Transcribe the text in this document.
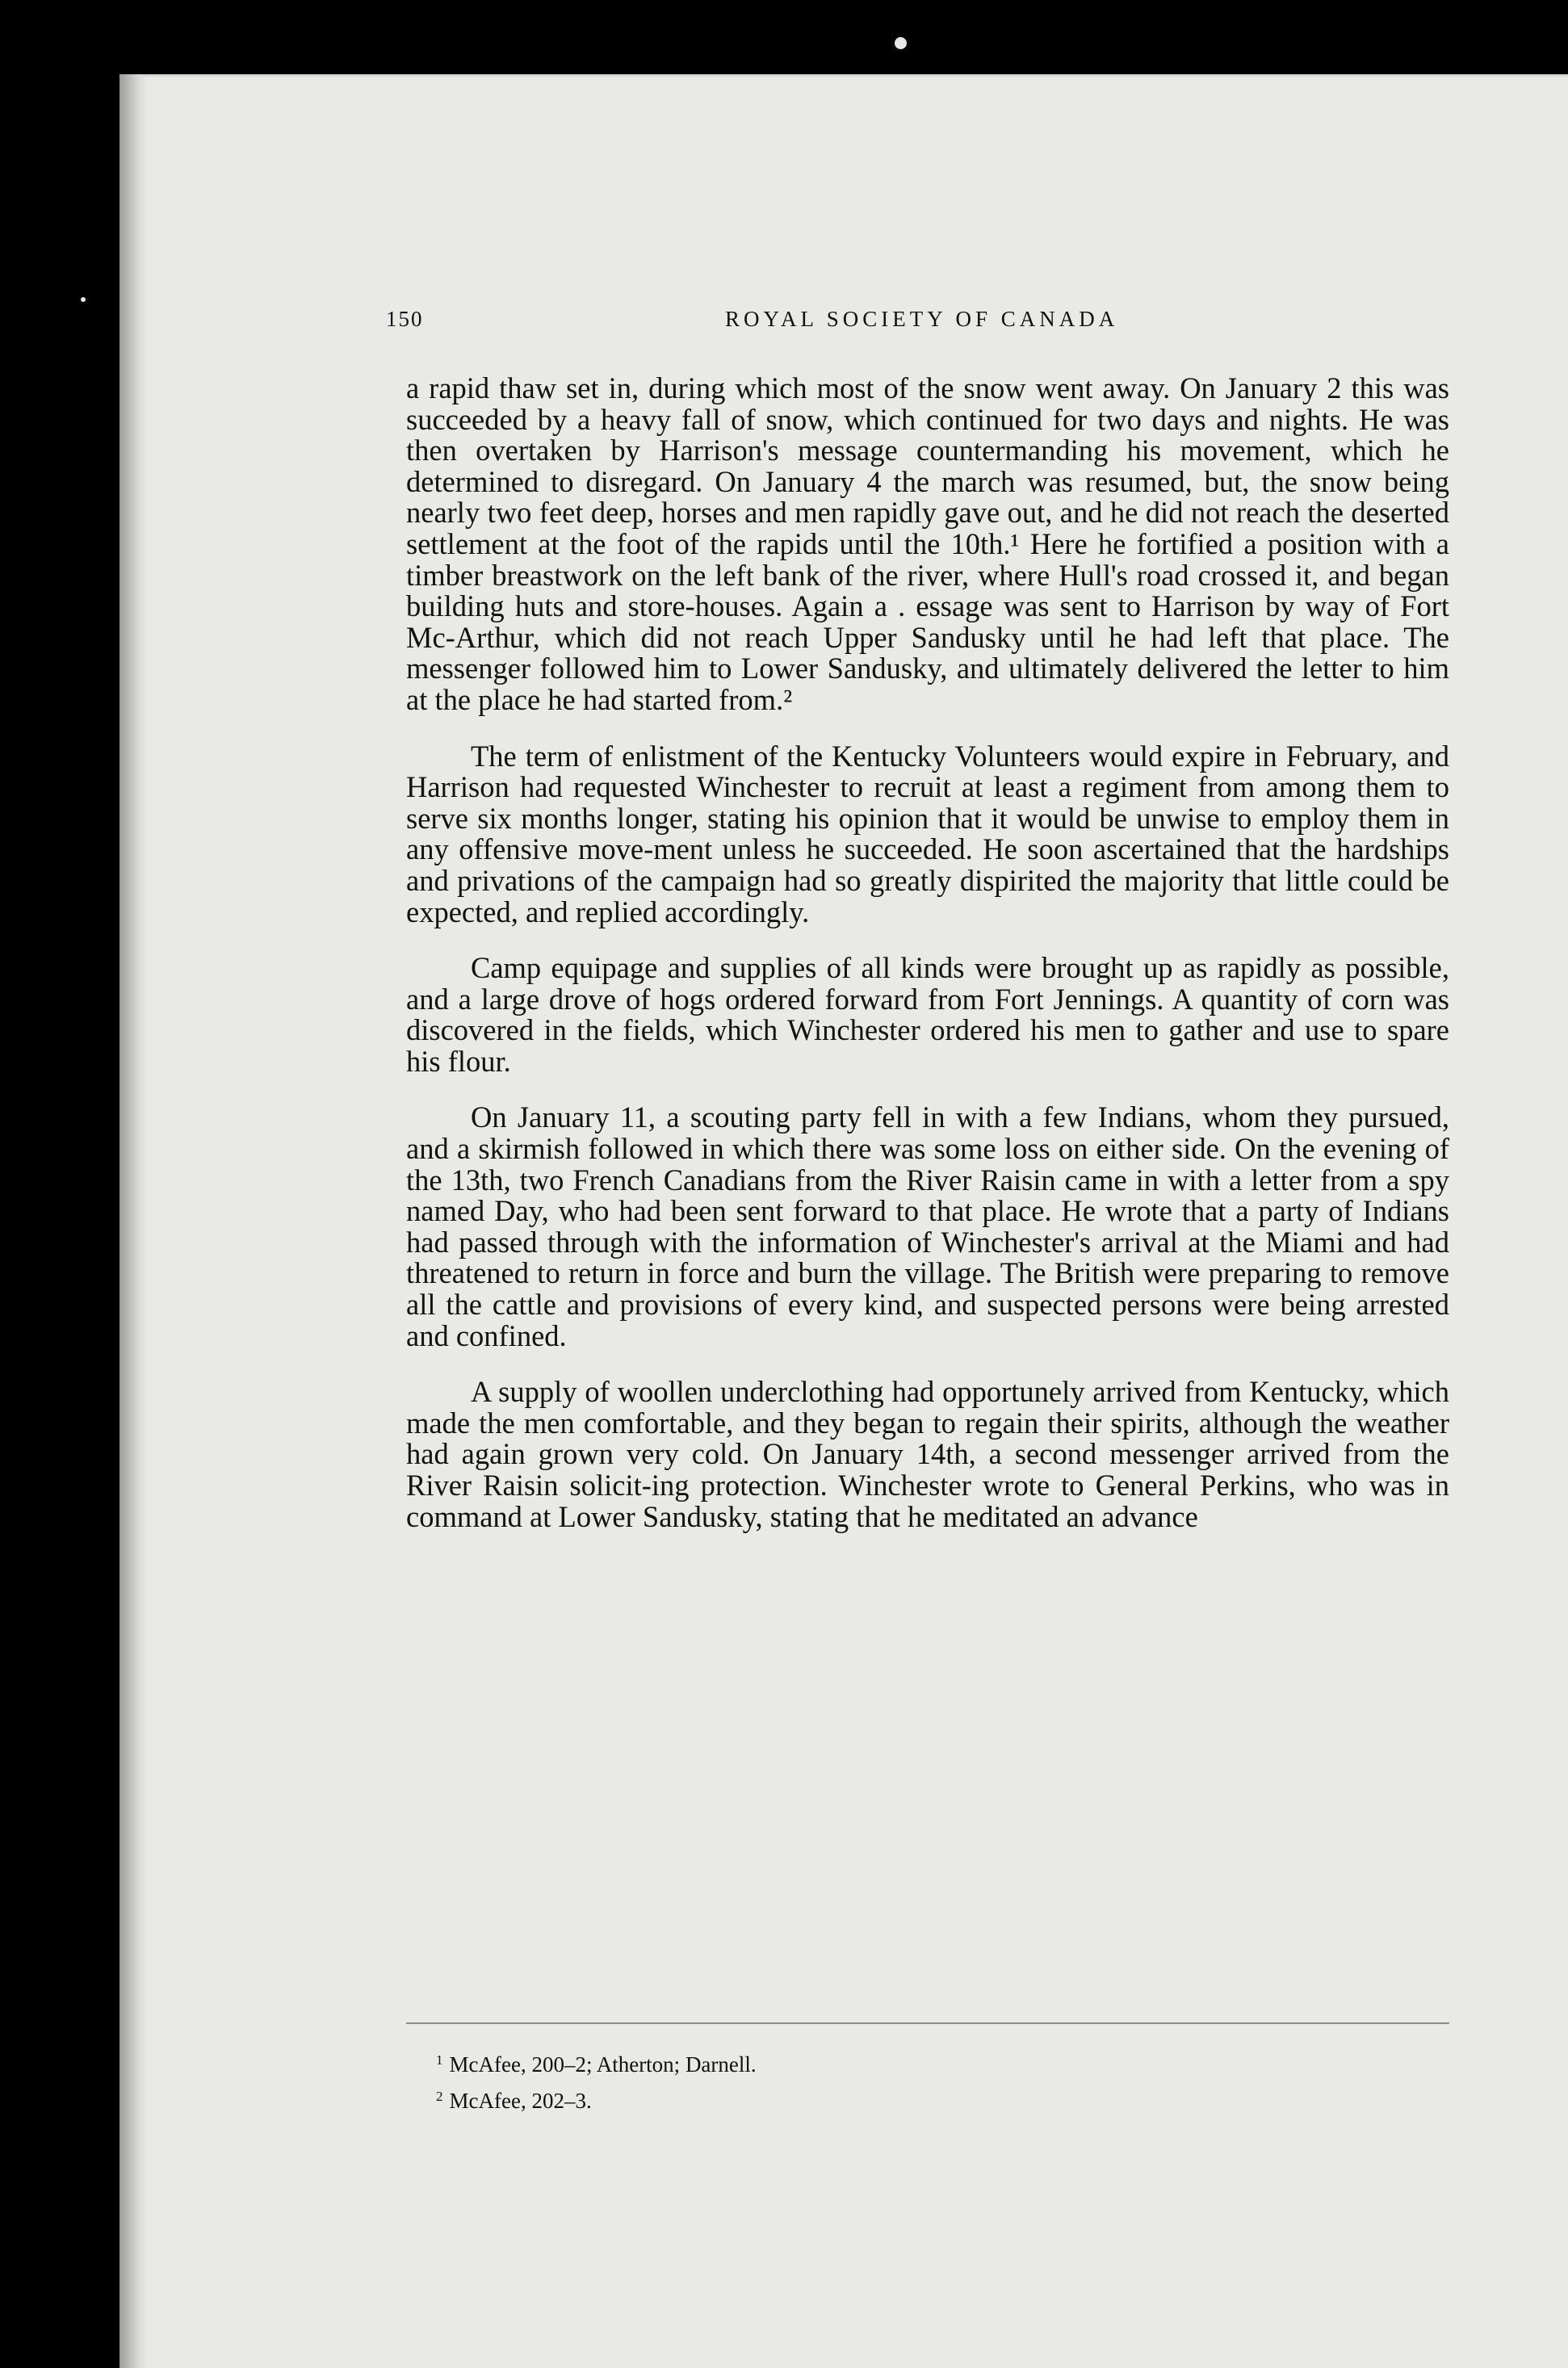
150	ROYAL SOCIETY OF CANADA

a rapid thaw set in, during which most of the snow went away. On January 2 this was succeeded by a heavy fall of snow, which continued for two days and nights. He was then overtaken by Harrison's message countermanding his movement, which he determined to disregard. On January 4 the march was resumed, but, the snow being nearly two feet deep, horses and men rapidly gave out, and he did not reach the deserted settlement at the foot of the rapids until the 10th.¹ Here he fortified a position with a timber breastwork on the left bank of the river, where Hull's road crossed it, and began building huts and store-houses. Again a . essage was sent to Harrison by way of Fort Mc-Arthur, which did not reach Upper Sandusky until he had left that place. The messenger followed him to Lower Sandusky, and ultimately delivered the letter to him at the place he had started from.²

The term of enlistment of the Kentucky Volunteers would expire in February, and Harrison had requested Winchester to recruit at least a regiment from among them to serve six months longer, stating his opinion that it would be unwise to employ them in any offensive move-ment unless he succeeded. He soon ascertained that the hardships and privations of the campaign had so greatly dispirited the majority that little could be expected, and replied accordingly.

Camp equipage and supplies of all kinds were brought up as rapidly as possible, and a large drove of hogs ordered forward from Fort Jennings. A quantity of corn was discovered in the fields, which Winchester ordered his men to gather and use to spare his flour.

On January 11, a scouting party fell in with a few Indians, whom they pursued, and a skirmish followed in which there was some loss on either side. On the evening of the 13th, two French Canadians from the River Raisin came in with a letter from a spy named Day, who had been sent forward to that place. He wrote that a party of Indians had passed through with the information of Winchester's arrival at the Miami and had threatened to return in force and burn the village. The British were preparing to remove all the cattle and provisions of every kind, and suspected persons were being arrested and confined.

A supply of woollen underclothing had opportunely arrived from Kentucky, which made the men comfortable, and they began to regain their spirits, although the weather had again grown very cold. On January 14th, a second messenger arrived from the River Raisin solicit-ing protection. Winchester wrote to General Perkins, who was in command at Lower Sandusky, stating that he meditated an advance

$^1$ McAfee, 200–2; Atherton; Darnell.
$^2$ McAfee, 202–3.
